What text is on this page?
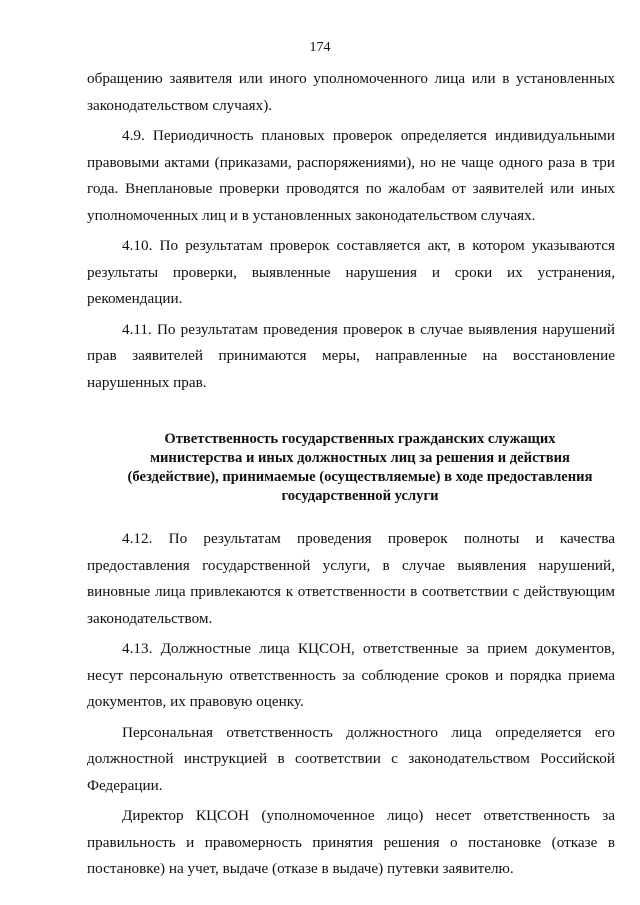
174

обращению заявителя или иного уполномоченного лица или в установленных законодательством случаях).

4.9. Периодичность плановых проверок определяется индивидуальными правовыми актами (приказами, распоряжениями), но не чаще одного раза в три года. Внеплановые проверки проводятся по жалобам от заявителей или иных уполномоченных лиц и в установленных законодательством случаях.

4.10. По результатам проверок составляется акт, в котором указываются результаты проверки, выявленные нарушения и сроки их устранения, рекомендации.

4.11. По результатам проведения проверок в случае выявления нарушений прав заявителей принимаются меры, направленные на восстановление нарушенных прав.

Ответственность государственных гражданских служащих министерства и иных должностных лиц за решения и действия (бездействие), принимаемые (осуществляемые) в ходе предоставления государственной услуги

4.12. По результатам проведения проверок полноты и качества предоставления государственной услуги, в случае выявления нарушений, виновные лица привлекаются к ответственности в соответствии с действующим законодательством.

4.13. Должностные лица КЦСОН, ответственные за прием документов, несут персональную ответственность за соблюдение сроков и порядка приема документов, их правовую оценку.

Персональная ответственность должностного лица определяется его должностной инструкцией в соответствии с законодательством Российской Федерации.

Директор КЦСОН (уполномоченное лицо) несет ответственность за правильность и правомерность принятия решения о постановке (отказе в постановке) на учет, выдаче (отказе в выдаче) путевки заявителю.
